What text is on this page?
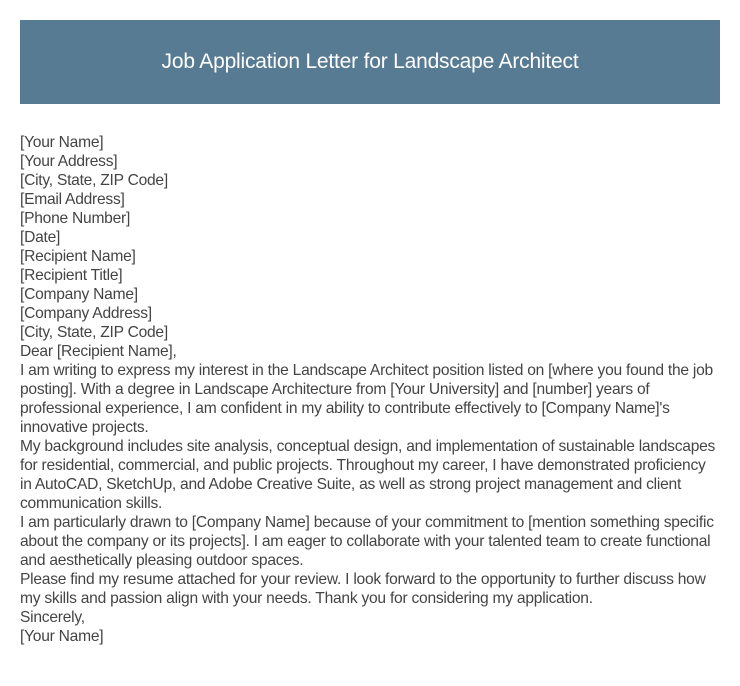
Job Application Letter for Landscape Architect
[Your Name]
[Your Address]
[City, State, ZIP Code]
[Email Address]
[Phone Number]
[Date]
[Recipient Name]
[Recipient Title]
[Company Name]
[Company Address]
[City, State, ZIP Code]
Dear [Recipient Name],

I am writing to express my interest in the Landscape Architect position listed on [where you found the job posting]. With a degree in Landscape Architecture from [Your University] and [number] years of professional experience, I am confident in my ability to contribute effectively to [Company Name]'s innovative projects.

My background includes site analysis, conceptual design, and implementation of sustainable landscapes for residential, commercial, and public projects. Throughout my career, I have demonstrated proficiency in AutoCAD, SketchUp, and Adobe Creative Suite, as well as strong project management and client communication skills.

I am particularly drawn to [Company Name] because of your commitment to [mention something specific about the company or its projects]. I am eager to collaborate with your talented team to create functional and aesthetically pleasing outdoor spaces.

Please find my resume attached for your review. I look forward to the opportunity to further discuss how my skills and passion align with your needs. Thank you for considering my application.

Sincerely,
[Your Name]
